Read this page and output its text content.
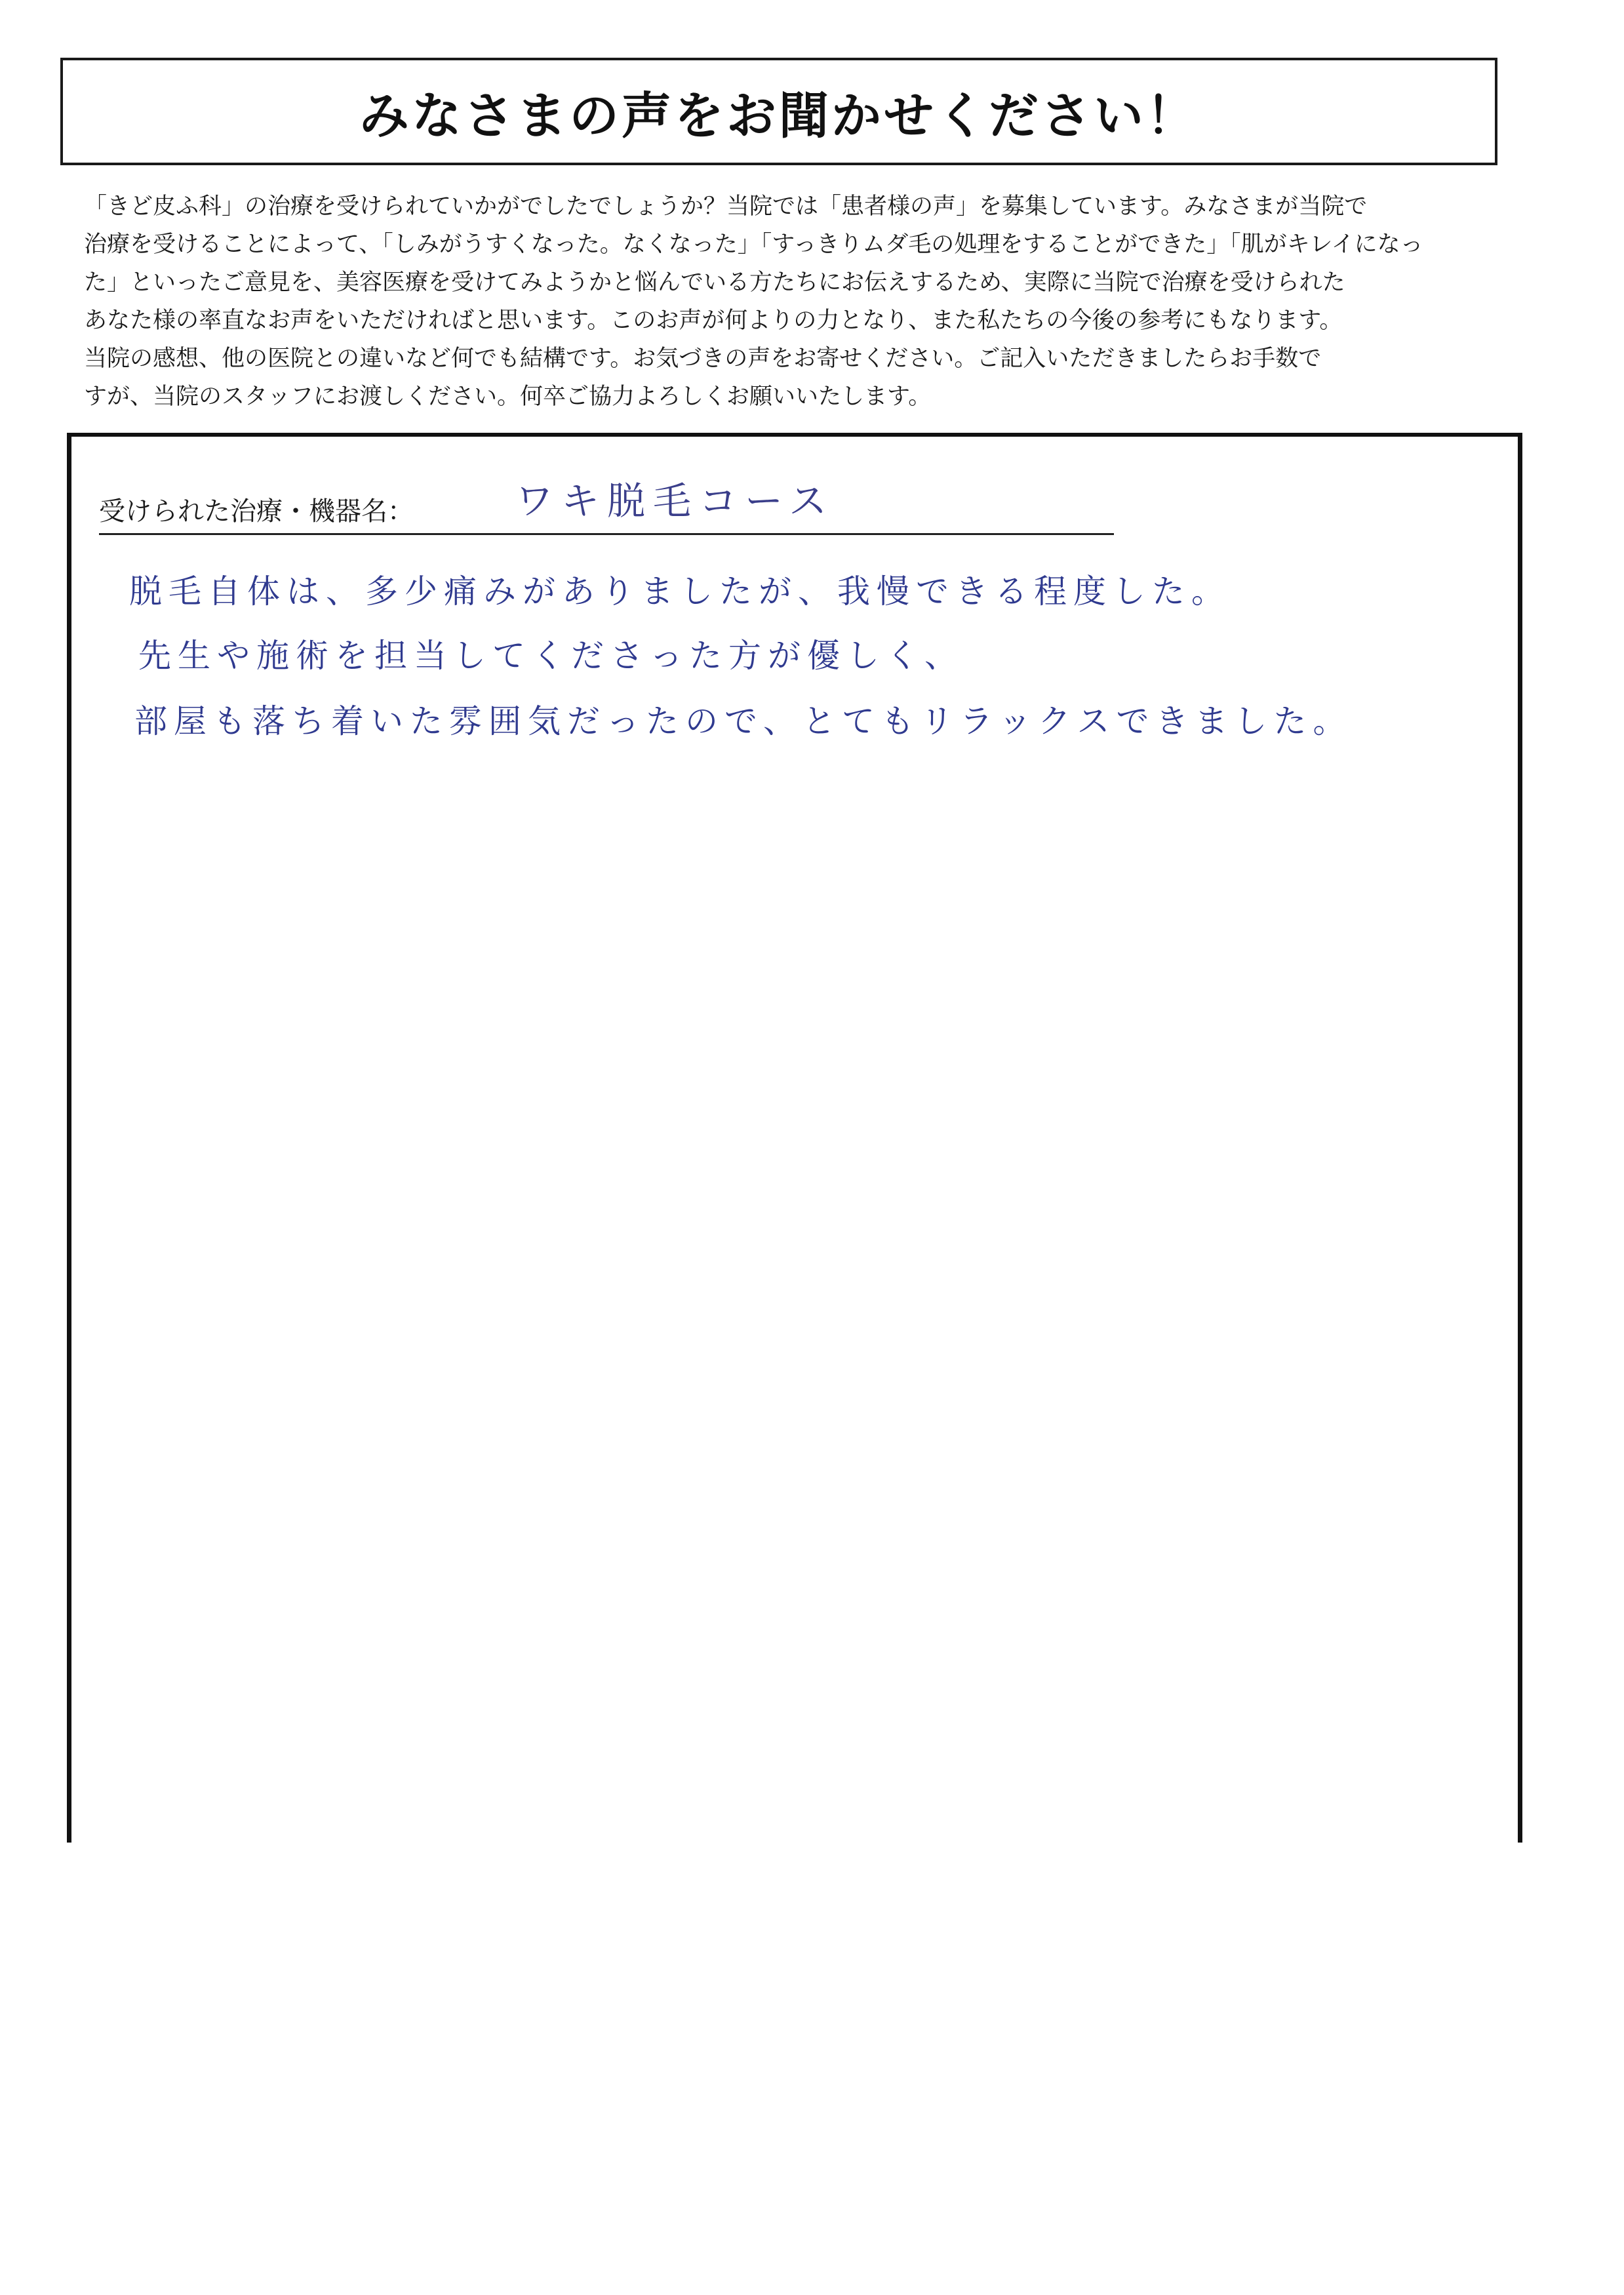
みなさまの声をお聞かせください！
「きど皮ふ科」の治療を受けられていかがでしたでしょうか？当院では「患者様の声」を募集しています。みなさまが当院で
治療を受けることによって、「しみがうすくなった。なくなった」「すっきりムダ毛の処理をすることができた」「肌がキレイになっ
た」といったご意見を、美容医療を受けてみようかと悩んでいる方たちにお伝えするため、実際に当院で治療を受けられた
あなた様の率直なお声をいただければと思います。このお声が何よりの力となり、また私たちの今後の参考にもなります。
当院の感想、他の医院との違いなど何でも結構です。お気づきの声をお寄せください。ご記入いただきましたらお手数で
すが、当院のスタッフにお渡しください。何卒ご協力よろしくお願いいたします。
受けられた治療・機器名：	ワキ脱毛コース
脱毛自体は、多少痛みがありましたが、我慢できる程度した。
先生や施術を担当してくださった方が優しく、
部屋も落ち着いた雰囲気だったので、とてもリラックスできました。
